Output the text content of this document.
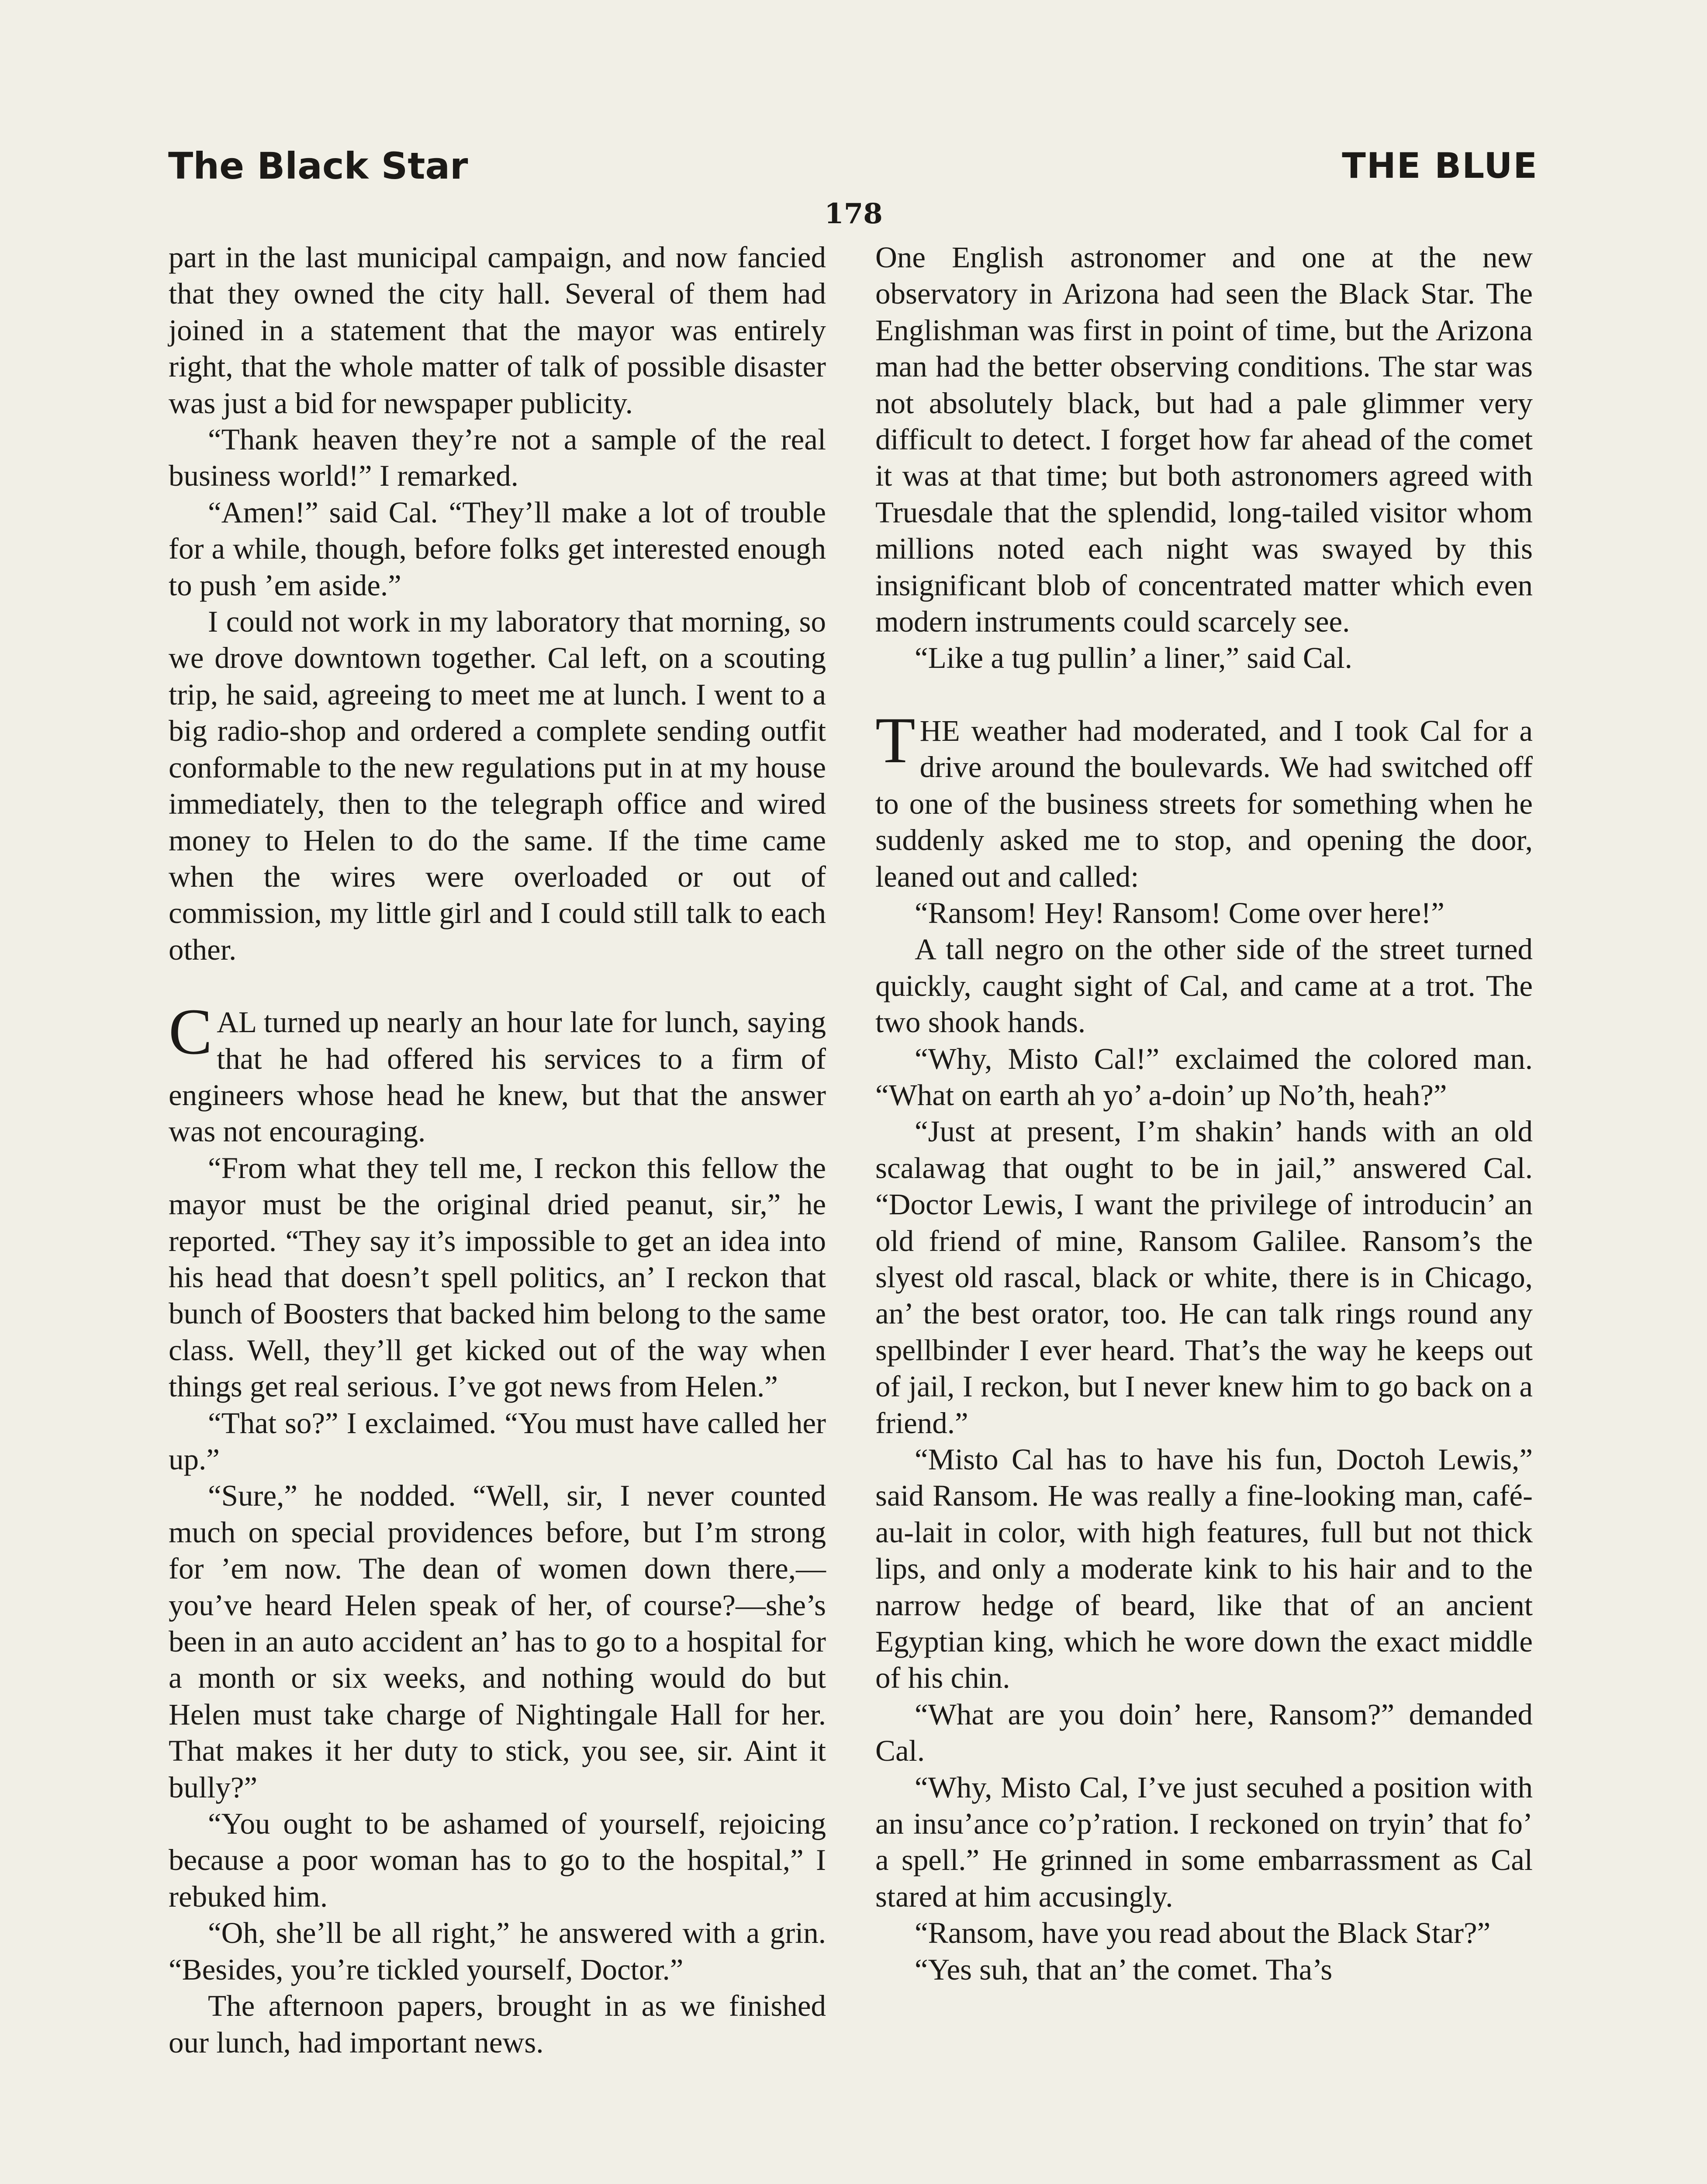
The Black Star	THE BLUE
178

part in the last municipal campaign, and now fancied that they owned the city hall. Several of them had joined in a statement that the mayor was entirely right, that the whole matter of talk of possible disaster was just a bid for newspaper publicity.

“Thank heaven they’re not a sample of the real business world!” I remarked.

“Amen!” said Cal. “They’ll make a lot of trouble for a while, though, before folks get interested enough to push ’em aside.”

I could not work in my laboratory that morning, so we drove downtown together. Cal left, on a scouting trip, he said, agreeing to meet me at lunch. I went to a big radio-shop and ordered a complete sending outfit conformable to the new regulations put in at my house immediately, then to the telegraph office and wired money to Helen to do the same. If the time came when the wires were overloaded or out of commission, my little girl and I could still talk to each other.

CAL turned up nearly an hour late for lunch, saying that he had offered his services to a firm of engineers whose head he knew, but that the answer was not encouraging.

“From what they tell me, I reckon this fellow the mayor must be the original dried peanut, sir,” he reported. “They say it’s impossible to get an idea into his head that doesn’t spell politics, an’ I reckon that bunch of Boosters that backed him belong to the same class. Well, they’ll get kicked out of the way when things get real serious. I’ve got news from Helen.”

“That so?” I exclaimed. “You must have called her up.”

“Sure,” he nodded. “Well, sir, I never counted much on special providences before, but I’m strong for ’em now. The dean of women down there,—you’ve heard Helen speak of her, of course?—she’s been in an auto accident an’ has to go to a hospital for a month or six weeks, and nothing would do but Helen must take charge of Nightingale Hall for her. That makes it her duty to stick, you see, sir. Aint it bully?”

“You ought to be ashamed of yourself, rejoicing because a poor woman has to go to the hospital,” I rebuked him.

“Oh, she’ll be all right,” he answered with a grin. “Besides, you’re tickled yourself, Doctor.”

The afternoon papers, brought in as we finished our lunch, had important news.

One English astronomer and one at the new observatory in Arizona had seen the Black Star. The Englishman was first in point of time, but the Arizona man had the better observing conditions. The star was not absolutely black, but had a pale glimmer very difficult to detect. I forget how far ahead of the comet it was at that time; but both astronomers agreed with Truesdale that the splendid, long-tailed visitor whom millions noted each night was swayed by this insignificant blob of concentrated matter which even modern instruments could scarcely see.

“Like a tug pullin’ a liner,” said Cal.

THE weather had moderated, and I took Cal for a drive around the boulevards. We had switched off to one of the business streets for something when he suddenly asked me to stop, and opening the door, leaned out and called:

“Ransom! Hey! Ransom! Come over here!”

A tall negro on the other side of the street turned quickly, caught sight of Cal, and came at a trot. The two shook hands.

“Why, Misto Cal!” exclaimed the colored man. “What on earth ah yo’ a-doin’ up No’th, heah?”

“Just at present, I’m shakin’ hands with an old scalawag that ought to be in jail,” answered Cal. “Doctor Lewis, I want the privilege of introducin’ an old friend of mine, Ransom Galilee. Ransom’s the slyest old rascal, black or white, there is in Chicago, an’ the best orator, too. He can talk rings round any spellbinder I ever heard. That’s the way he keeps out of jail, I reckon, but I never knew him to go back on a friend.”

“Misto Cal has to have his fun, Doctoh Lewis,” said Ransom. He was really a fine-looking man, café-au-lait in color, with high features, full but not thick lips, and only a moderate kink to his hair and to the narrow hedge of beard, like that of an ancient Egyptian king, which he wore down the exact middle of his chin.

“What are you doin’ here, Ransom?” demanded Cal.

“Why, Misto Cal, I’ve just secuhed a position with an insu’ance co’p’ration. I reckoned on tryin’ that fo’ a spell.” He grinned in some embarrassment as Cal stared at him accusingly.

“Ransom, have you read about the Black Star?”

“Yes suh, that an’ the comet. Tha’s
